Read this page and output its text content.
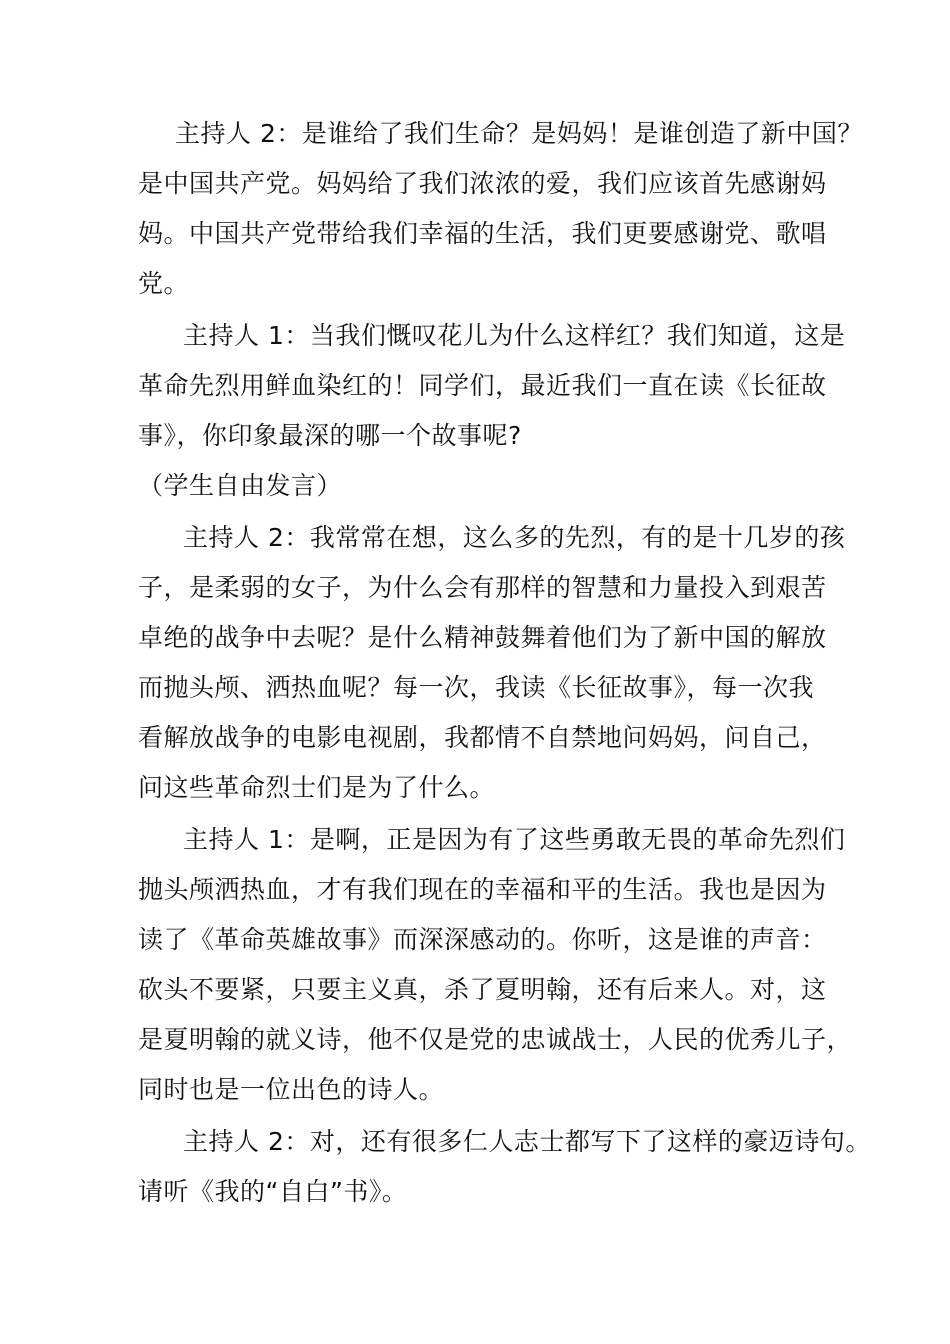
主持人 2：是谁给了我们生命？是妈妈！是谁创造了新中国？
是中国共产党。妈妈给了我们浓浓的爱，我们应该首先感谢妈
妈。中国共产党带给我们幸福的生活，我们更要感谢党、歌唱
党。
主持人 1：当我们慨叹花儿为什么这样红？我们知道，这是
革命先烈用鲜血染红的！同学们，最近我们一直在读《长征故
事》，你印象最深的哪一个故事呢?
（学生自由发言）
主持人 2：我常常在想，这么多的先烈，有的是十几岁的孩
子，是柔弱的女子，为什么会有那样的智慧和力量投入到艰苦
卓绝的战争中去呢？是什么精神鼓舞着他们为了新中国的解放
而抛头颅、洒热血呢？每一次，我读《长征故事》，每一次我
看解放战争的电影电视剧，我都情不自禁地问妈妈，问自己，
问这些革命烈士们是为了什么。
主持人 1：是啊，正是因为有了这些勇敢无畏的革命先烈们
抛头颅洒热血，才有我们现在的幸福和平的生活。我也是因为
读了《革命英雄故事》而深深感动的。你听，这是谁的声音：
砍头不要紧，只要主义真，杀了夏明翰，还有后来人。对，这
是夏明翰的就义诗，他不仅是党的忠诚战士，人民的优秀儿子，
同时也是一位出色的诗人。
主持人 2：对，还有很多仁人志士都写下了这样的豪迈诗句。
请听《我的“自白”书》。
